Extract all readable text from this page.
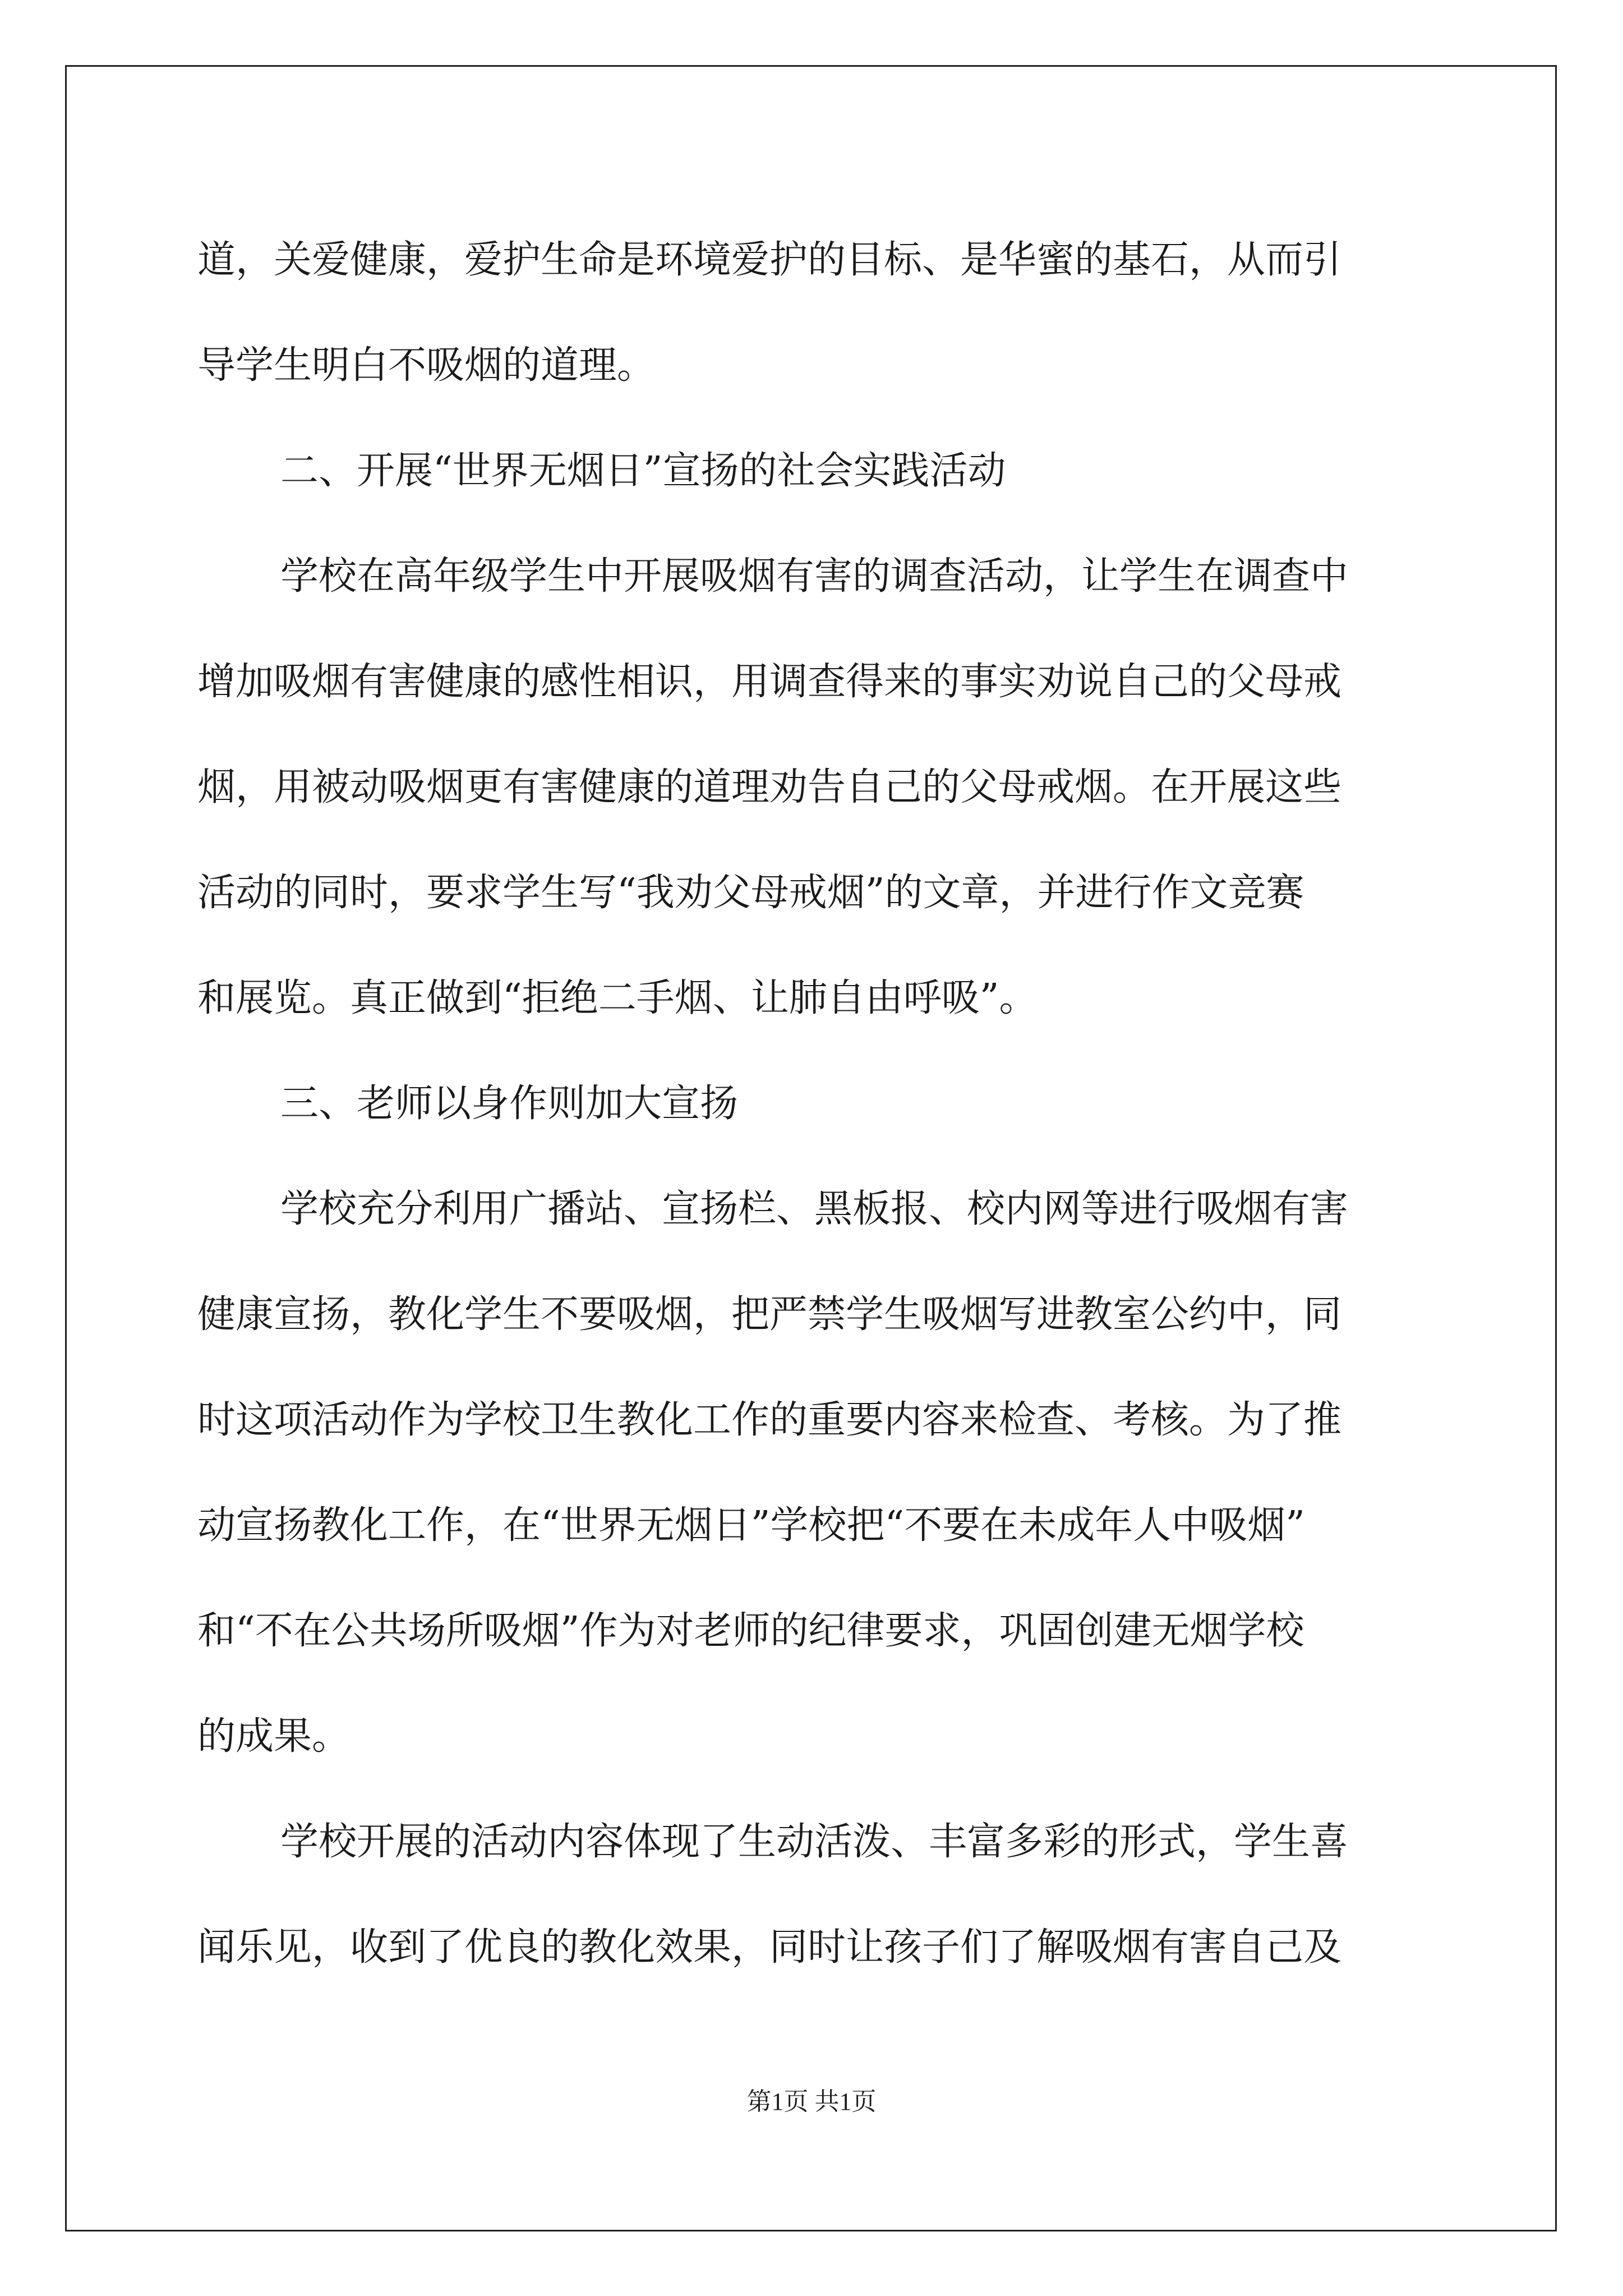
道，关爱健康，爱护生命是环境爱护的目标、是华蜜的基石，从而引
导学生明白不吸烟的道理。
二、开展“世界无烟日”宣扬的社会实践活动
学校在高年级学生中开展吸烟有害的调查活动，让学生在调查中
增加吸烟有害健康的感性相识，用调查得来的事实劝说自己的父母戒
烟，用被动吸烟更有害健康的道理劝告自己的父母戒烟。在开展这些
活动的同时，要求学生写“我劝父母戒烟”的文章，并进行作文竞赛
和展览。真正做到“拒绝二手烟、让肺自由呼吸”。
三、老师以身作则加大宣扬
学校充分利用广播站、宣扬栏、黑板报、校内网等进行吸烟有害
健康宣扬，教化学生不要吸烟，把严禁学生吸烟写进教室公约中，同
时这项活动作为学校卫生教化工作的重要内容来检查、考核。为了推
动宣扬教化工作，在“世界无烟日”学校把“不要在未成年人中吸烟”
和“不在公共场所吸烟”作为对老师的纪律要求，巩固创建无烟学校
的成果。
学校开展的活动内容体现了生动活泼、丰富多彩的形式，学生喜
闻乐见，收到了优良的教化效果，同时让孩子们了解吸烟有害自己及
第1页 共1页
